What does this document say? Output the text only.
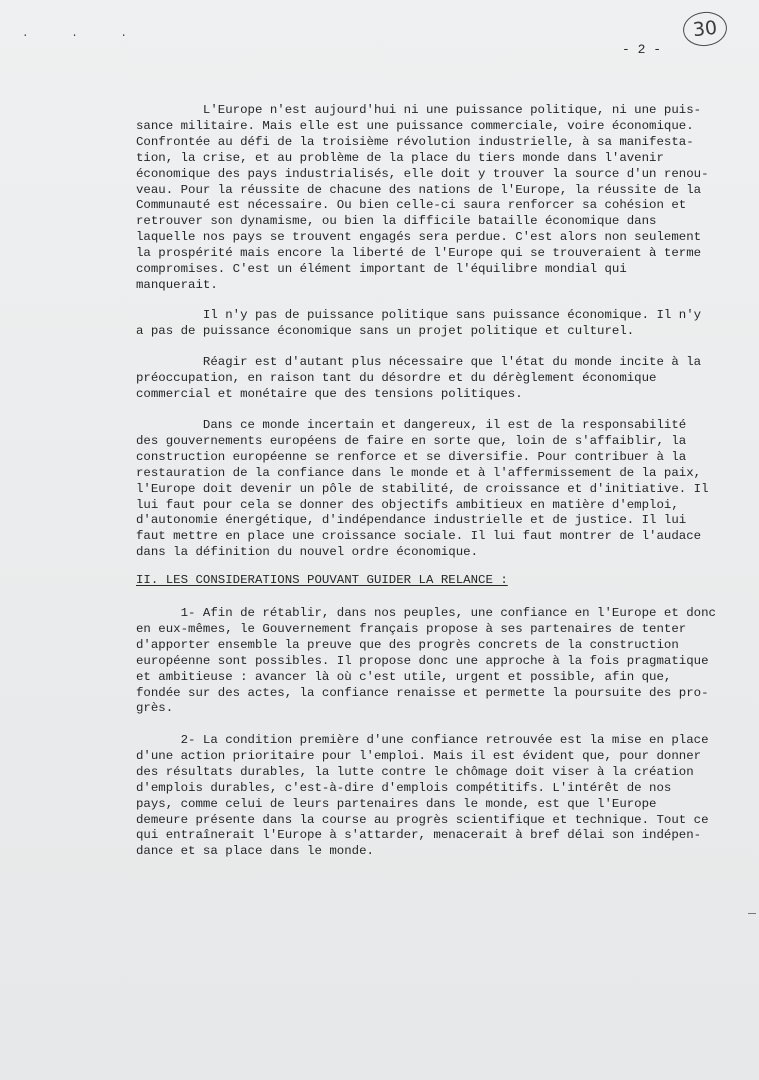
. . .	30
- 2 -
L'Europe n'est aujourd'hui ni une puissance politique, ni une puis-
sance militaire. Mais elle est une puissance commerciale, voire économique.
Confrontée au défi de la troisième révolution industrielle, à sa manifesta-
tion, la crise, et au problème de la place du tiers monde dans l'avenir
économique des pays industrialisés, elle doit y trouver la source d'un renou-
veau. Pour la réussite de chacune des nations de l'Europe, la réussite de la
Communauté est nécessaire. Ou bien celle-ci saura renforcer sa cohésion et
retrouver son dynamisme, ou bien la difficile bataille économique dans
laquelle nos pays se trouvent engagés sera perdue. C'est alors non seulement
la prospérité mais encore la liberté de l'Europe qui se trouveraient à terme
compromises. C'est un élément important de l'équilibre mondial qui
manquerait.
Il n'y pas de puissance politique sans puissance économique. Il n'y
a pas de puissance économique sans un projet politique et culturel.
Réagir est d'autant plus nécessaire que l'état du monde incite à la
préoccupation, en raison tant du désordre et du dérèglement économique
commercial et monétaire que des tensions politiques.
Dans ce monde incertain et dangereux, il est de la responsabilité
des gouvernements européens de faire en sorte que, loin de s'affaiblir, la
construction européenne se renforce et se diversifie. Pour contribuer à la
restauration de la confiance dans le monde et à l'affermissement de la paix,
l'Europe doit devenir un pôle de stabilité, de croissance et d'initiative. Il
lui faut pour cela se donner des objectifs ambitieux en matière d'emploi,
d'autonomie énergétique, d'indépendance industrielle et de justice. Il lui
faut mettre en place une croissance sociale. Il lui faut montrer de l'audace
dans la définition du nouvel ordre économique.
II. LES CONSIDERATIONS POUVANT GUIDER LA RELANCE :
1- Afin de rétablir, dans nos peuples, une confiance en l'Europe et donc
en eux-mêmes, le Gouvernement français propose à ses partenaires de tenter
d'apporter ensemble la preuve que des progrès concrets de la construction
européenne sont possibles. Il propose donc une approche à la fois pragmatique
et ambitieuse : avancer là où c'est utile, urgent et possible, afin que,
fondée sur des actes, la confiance renaisse et permette la poursuite des pro-
grès.
2- La condition première d'une confiance retrouvée est la mise en place
d'une action prioritaire pour l'emploi. Mais il est évident que, pour donner
des résultats durables, la lutte contre le chômage doit viser à la création
d'emplois durables, c'est-à-dire d'emplois compétitifs. L'intérêt de nos
pays, comme celui de leurs partenaires dans le monde, est que l'Europe
demeure présente dans la course au progrès scientifique et technique. Tout ce
qui entraînerait l'Europe à s'attarder, menacerait à bref délai son indépen-
dance et sa place dans le monde.
